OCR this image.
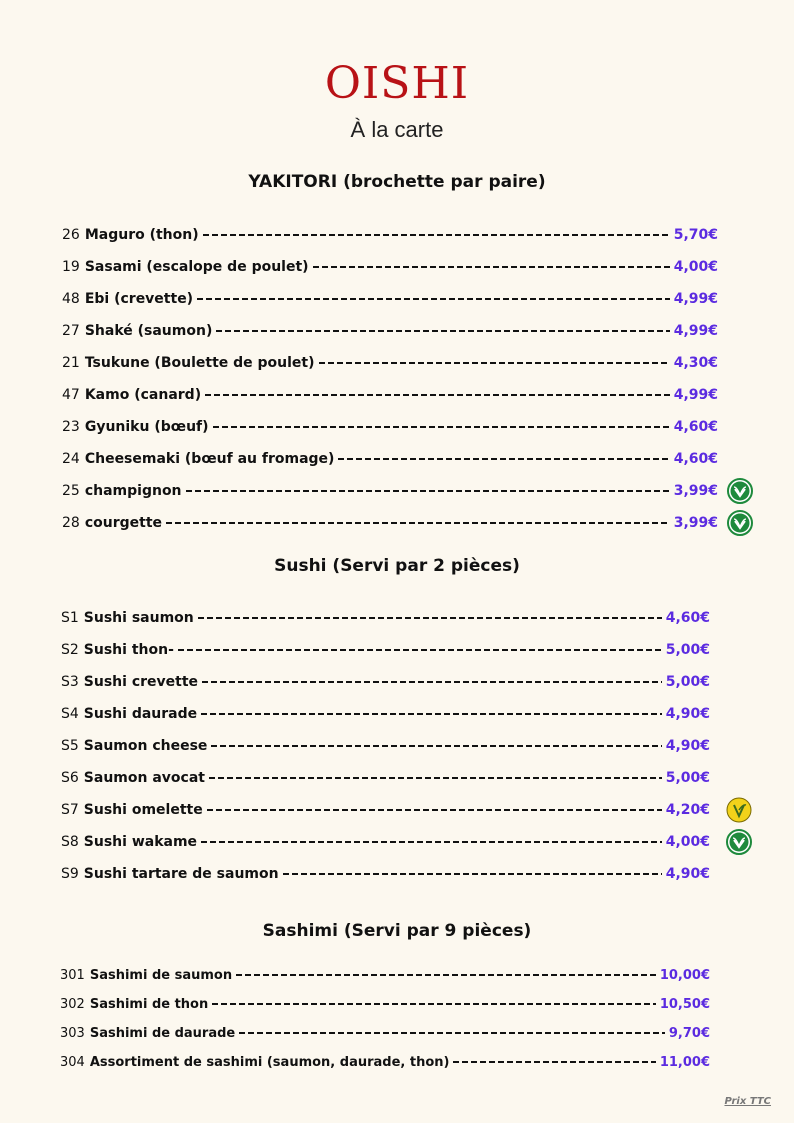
OISHI
À la carte
YAKITORI (brochette par paire)
26 Maguro (thon)	5,70€
19 Sasami (escalope de poulet)	4,00€
48 Ebi (crevette)	4,99€
27 Shaké (saumon)	4,99€
21 Tsukune (Boulette de poulet)	4,30€
47 Kamo (canard)	4,99€
23 Gyuniku (bœuf)	4,60€
24 Cheesemaki (bœuf au fromage)	4,60€
25 champignon	3,99€
28 courgette	3,99€
Sushi (Servi par 2 pièces)
S1 Sushi saumon	4,60€
S2 Sushi thon-	5,00€
S3 Sushi crevette	5,00€
S4 Sushi daurade	4,90€
S5 Saumon cheese	4,90€
S6 Saumon avocat	5,00€
S7 Sushi omelette	4,20€
S8 Sushi wakame	4,00€
S9 Sushi tartare de saumon	4,90€
Sashimi (Servi par 9 pièces)
301 Sashimi de saumon	10,00€
302 Sashimi de thon	10,50€
303 Sashimi de daurade	9,70€
304 Assortiment de sashimi (saumon, daurade, thon)	11,00€
Prix TTC
